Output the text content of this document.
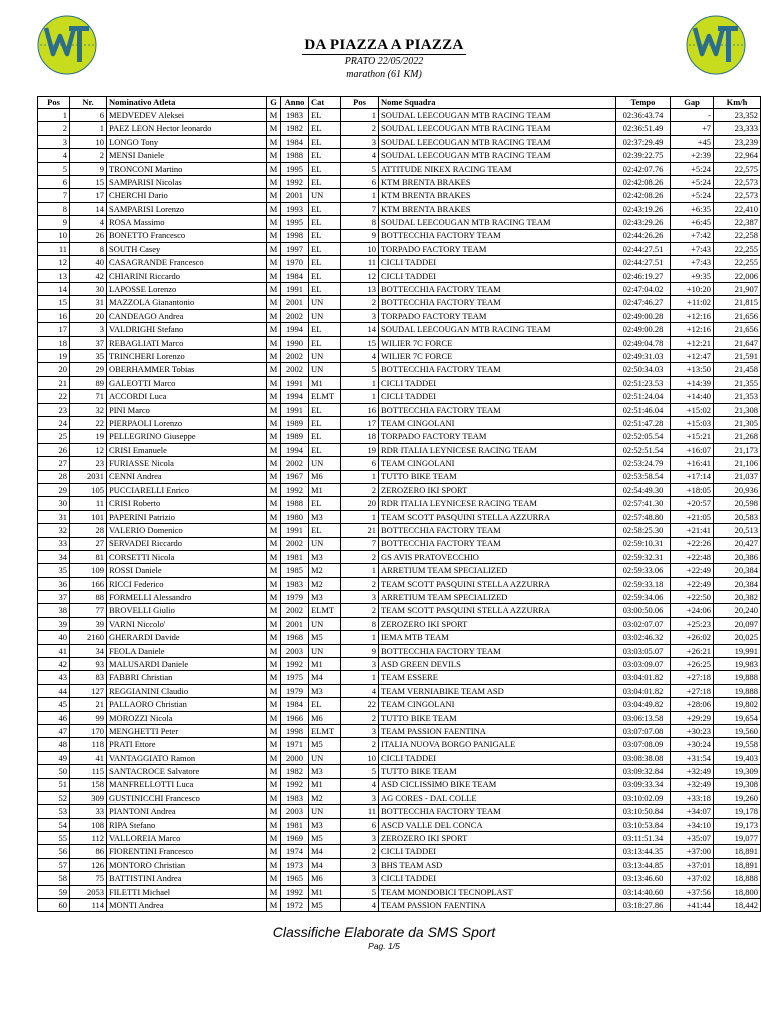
DA PIAZZA A PIAZZA
PRATO 22/05/2022
marathon (61 KM)
Pos	Nr.	Nominativo Atleta	G	Anno	Cat	Pos	Nome Squadra	Tempo	Gap	Km/h
1	6	MEDVEDEV Aleksei	M	1983	EL	1	SOUDAL LEECOUGAN MTB RACING TEAM	02:36:43.74	-	23,352
2	1	PAEZ LEON Hector leonardo	M	1982	EL	2	SOUDAL LEECOUGAN MTB RACING TEAM	02:36:51.49	+7	23,333
3	10	LONGO Tony	M	1984	EL	3	SOUDAL LEECOUGAN MTB RACING TEAM	02:37:29.49	+45	23,239
4	2	MENSI Daniele	M	1988	EL	4	SOUDAL LEECOUGAN MTB RACING TEAM	02:39:22.75	+2:39	22,964
5	9	TRONCONI Martino	M	1995	EL	5	ATTITUDE NIKEX RACING TEAM	02:42:07.76	+5:24	22,575
6	15	SAMPARISI Nicolas	M	1992	EL	6	KTM BRENTA BRAKES	02:42:08.26	+5:24	22,573
7	17	CHERCHI Dario	M	2001	UN	1	KTM BRENTA BRAKES	02:42:08.26	+5:24	22,573
8	14	SAMPARISI Lorenzo	M	1993	EL	7	KTM BRENTA BRAKES	02:43:19.26	+6:35	22,410
9	4	ROSA Massimo	M	1995	EL	8	SOUDAL LEECOUGAN MTB RACING TEAM	02:43:29.26	+6:45	22,387
10	26	BONETTO Francesco	M	1998	EL	9	BOTTECCHIA FACTORY TEAM	02:44:26.26	+7:42	22,258
11	8	SOUTH Casey	M	1997	EL	10	TORPADO FACTORY TEAM	02:44:27.51	+7:43	22,255
12	40	CASAGRANDE Francesco	M	1970	EL	11	CICLI TADDEI	02:44:27.51	+7:43	22,255
13	42	CHIARINI Riccardo	M	1984	EL	12	CICLI TADDEI	02:46:19.27	+9:35	22,006
14	30	LAPOSSE Lorenzo	M	1991	EL	13	BOTTECCHIA FACTORY TEAM	02:47:04.02	+10:20	21,907
15	31	MAZZOLA Gianantonio	M	2001	UN	2	BOTTECCHIA FACTORY TEAM	02:47:46.27	+11:02	21,815
16	20	CANDEAGO Andrea	M	2002	UN	3	TORPADO FACTORY TEAM	02:49:00.28	+12:16	21,656
17	3	VALDRIGHI Stefano	M	1994	EL	14	SOUDAL LEECOUGAN MTB RACING TEAM	02:49:00.28	+12:16	21,656
18	37	REBAGLIATI Marco	M	1990	EL	15	WILIER 7C FORCE	02:49:04.78	+12:21	21,647
19	35	TRINCHERI Lorenzo	M	2002	UN	4	WILIER 7C FORCE	02:49:31.03	+12:47	21,591
20	29	OBERHAMMER Tobias	M	2002	UN	5	BOTTECCHIA FACTORY TEAM	02:50:34.03	+13:50	21,458
21	89	GALEOTTI Marco	M	1991	M1	1	CICLI TADDEI	02:51:23.53	+14:39	21,355
22	71	ACCORDI Luca	M	1994	ELMT	1	CICLI TADDEI	02:51:24.04	+14:40	21,353
23	32	PINI Marco	M	1991	EL	16	BOTTECCHIA FACTORY TEAM	02:51:46.04	+15:02	21,308
24	22	PIERPAOLI Lorenzo	M	1989	EL	17	TEAM CINGOLANI	02:51:47.28	+15:03	21,305
25	19	PELLEGRINO Giuseppe	M	1989	EL	18	TORPADO FACTORY TEAM	02:52:05.54	+15:21	21,268
26	12	CRISI Emanuele	M	1994	EL	19	RDR ITALIA LEYNICESE RACING TEAM	02:52:51.54	+16:07	21,173
27	23	FURIASSE Nicola	M	2002	UN	6	TEAM CINGOLANI	02:53:24.79	+16:41	21,106
28	2031	CENNI Andrea	M	1967	M6	1	TUTTO BIKE TEAM	02:53:58.54	+17:14	21,037
29	105	PUCCIARELLI Enrico	M	1992	M1	2	ZEROZERO IKI SPORT	02:54:49.30	+18:05	20,936
30	11	CRISI Roberto	M	1988	EL	20	RDR ITALIA LEYNICESE RACING TEAM	02:57:41.30	+20:57	20,598
31	101	PAPERINI Patrizio	M	1980	M3	1	TEAM SCOTT PASQUINI STELLA AZZURRA	02:57:48.80	+21:05	20,583
32	28	VALERIO Domenico	M	1991	EL	21	BOTTECCHIA FACTORY TEAM	02:58:25.30	+21:41	20,513
33	27	SERVADEI Riccardo	M	2002	UN	7	BOTTECCHIA FACTORY TEAM	02:59:10.31	+22:26	20,427
34	81	CORSETTI Nicola	M	1981	M3	2	GS AVIS PRATOVECCHIO	02:59:32.31	+22:48	20,386
35	109	ROSSI Daniele	M	1985	M2	1	ARRETIUM TEAM SPECIALIZED	02:59:33.06	+22:49	20,384
36	166	RICCI Federico	M	1983	M2	2	TEAM SCOTT PASQUINI STELLA AZZURRA	02:59:33.18	+22:49	20,384
37	88	FORMELLI Alessandro	M	1979	M3	3	ARRETIUM TEAM SPECIALIZED	02:59:34.06	+22:50	20,382
38	77	BROVELLI Giulio	M	2002	ELMT	2	TEAM SCOTT PASQUINI STELLA AZZURRA	03:00:50.06	+24:06	20,240
39	39	VARNI Niccolo'	M	2001	UN	8	ZEROZERO IKI SPORT	03:02:07.07	+25:23	20,097
40	2160	GHERARDI Davide	M	1968	M5	1	IEMA MTB TEAM	03:02:46.32	+26:02	20,025
41	34	FEOLA Daniele	M	2003	UN	9	BOTTECCHIA FACTORY TEAM	03:03:05.07	+26:21	19,991
42	93	MALUSARDI Daniele	M	1992	M1	3	ASD GREEN DEVILS	03:03:09.07	+26:25	19,983
43	83	FABBRI Christian	M	1975	M4	1	TEAM ESSERE	03:04:01.82	+27:18	19,888
44	127	REGGIANINI Claudio	M	1979	M3	4	TEAM VERNIABIKE TEAM ASD	03:04:01.82	+27:18	19,888
45	21	PALLAORO Christian	M	1984	EL	22	TEAM CINGOLANI	03:04:49.82	+28:06	19,802
46	99	MOROZZI Nicola	M	1966	M6	2	TUTTO BIKE TEAM	03:06:13.58	+29:29	19,654
47	170	MENGHETTI Peter	M	1998	ELMT	3	TEAM PASSION FAENTINA	03:07:07.08	+30:23	19,560
48	118	PRATI Ettore	M	1971	M5	2	ITALIA NUOVA BORGO PANIGALE	03:07:08.09	+30:24	19,558
49	41	VANTAGGIATO Ramon	M	2000	UN	10	CICLI TADDEI	03:08:38.08	+31:54	19,403
50	115	SANTACROCE Salvatore	M	1982	M3	5	TUTTO BIKE TEAM	03:09:32.84	+32:49	19,309
51	158	MANFRELLOTTI Luca	M	1992	M1	4	ASD CICLISSIMO BIKE TEAM	03:09:33.34	+32:49	19,308
52	309	GUSTINICCHI Francesco	M	1983	M2	3	AG CORES - DAL COLLE	03:10:02.09	+33:18	19,260
53	33	PIANTONI Andrea	M	2003	UN	11	BOTTECCHIA FACTORY TEAM	03:10:50.84	+34:07	19,178
54	108	RIPA Stefano	M	1981	M3	6	ASCD VALLE DEL CONCA	03:10:53.84	+34:10	19,173
55	112	VALLOREIA Marco	M	1969	M5	3	ZEROZERO IKI SPORT	03:11:51.34	+35:07	19,077
56	86	FIORENTINI Francesco	M	1974	M4	2	CICLI TADDEI	03:13:44.35	+37:00	18,891
57	126	MONTORO Christian	M	1973	M4	3	BHS TEAM ASD	03:13:44.85	+37:01	18,891
58	75	BATTISTINI Andrea	M	1965	M6	3	CICLI TADDEI	03:13:46.60	+37:02	18,888
59	2053	FILETTI Michael	M	1992	M1	5	TEAM MONDOBICI TECNOPLAST	03:14:40.60	+37:56	18,800
60	114	MONTI Andrea	M	1972	M5	4	TEAM PASSION FAENTINA	03:18:27.86	+41:44	18,442
Classifiche Elaborate da SMS Sport
Pag. 1/5
